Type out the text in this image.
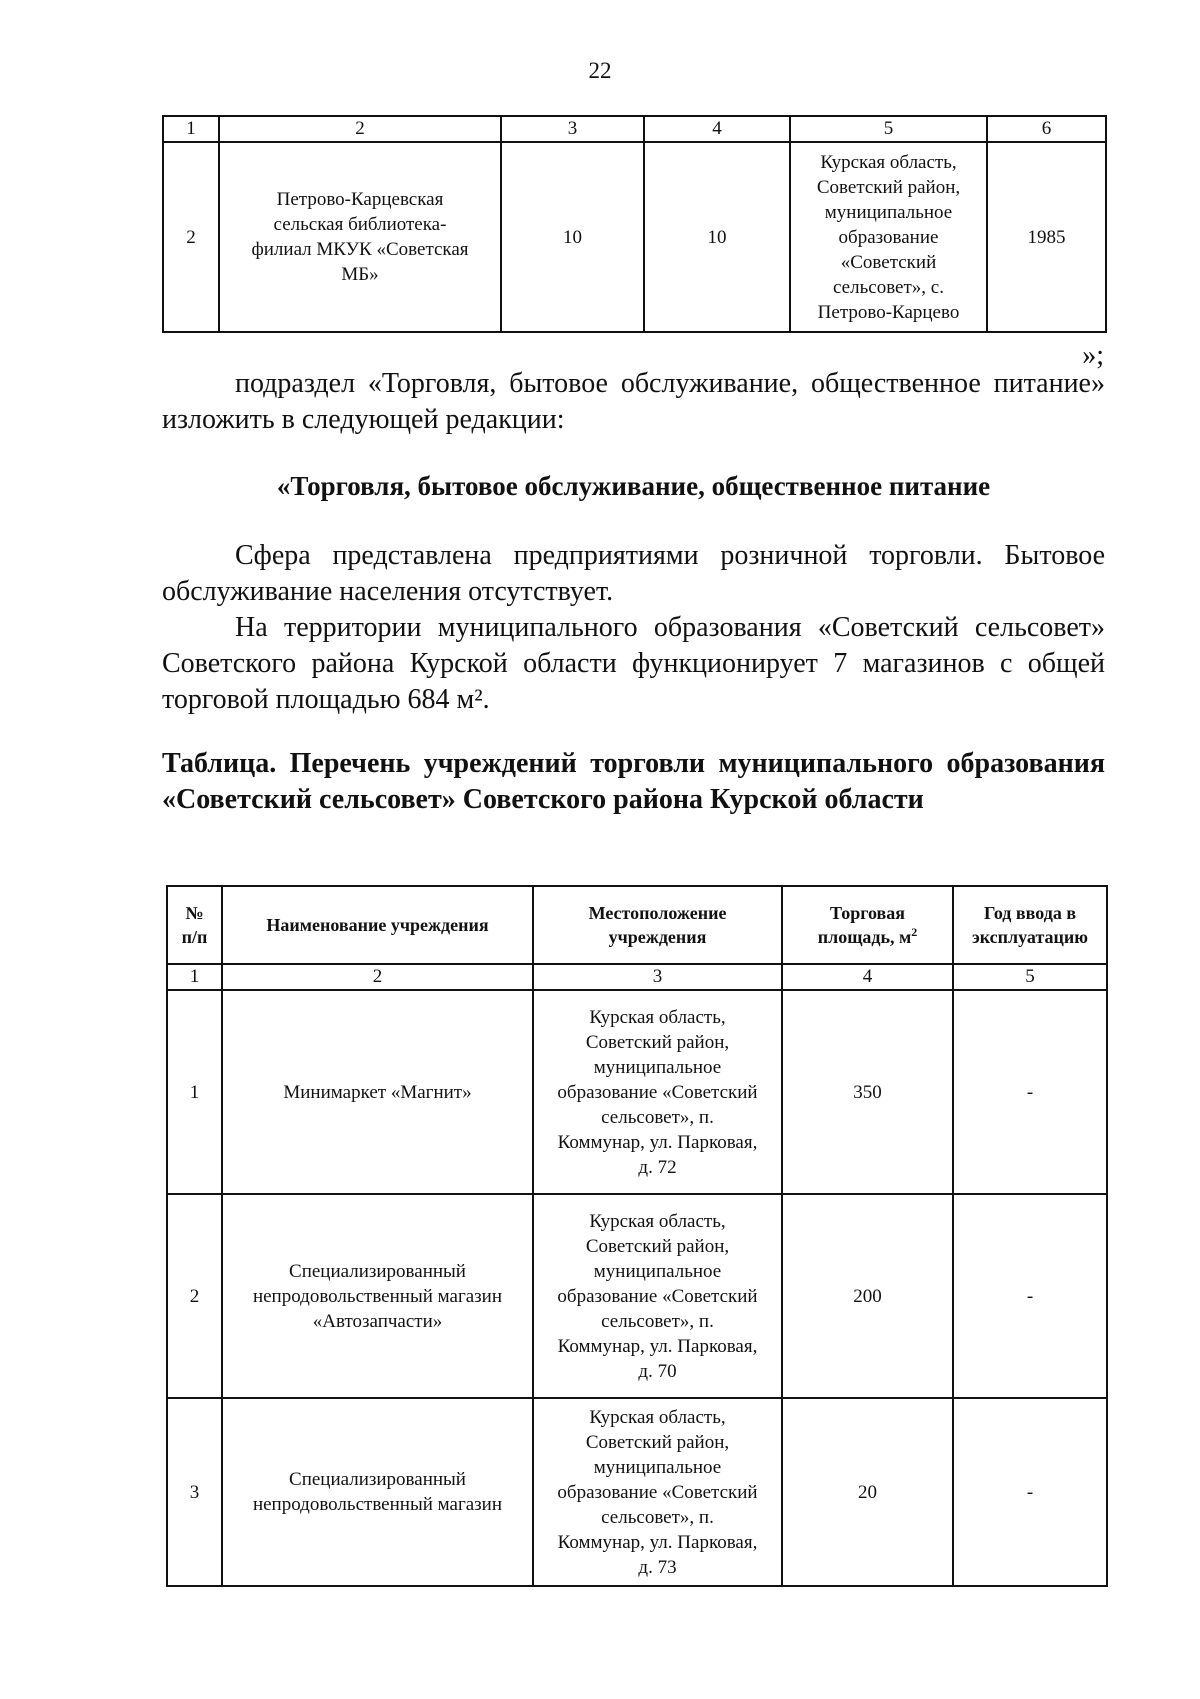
22
1	2	3	4	5	6
2	Петрово-Карцевская сельская библиотека-филиал МКУК «Советская МБ»	10	10	Курская область, Советский район, муниципальное образование «Советский сельсовет», с. Петрово-Карцево	1985
»;
подраздел «Торговля, бытовое обслуживание, общественное питание» изложить в следующей редакции:
«Торговля, бытовое обслуживание, общественное питание
Сфера представлена предприятиями розничной торговли. Бытовое обслуживание населения отсутствует.
На территории муниципального образования «Советский сельсовет» Советского района Курской области функционирует 7 магазинов с общей торговой площадью 684 м².
Таблица. Перечень учреждений торговли муниципального образования «Советский сельсовет» Советского района Курской области
№ п/п	Наименование учреждения	Местоположение учреждения	Торговая площадь, $м^2$	Год ввода в эксплуатацию
1	2	3	4	5
1	Минимаркет «Магнит»	Курская область, Советский район, муниципальное образование «Советский сельсовет», п. Коммунар, ул. Парковая, д. 72	350	-
2	Специализированный непродовольственный магазин «Автозапчасти»	Курская область, Советский район, муниципальное образование «Советский сельсовет», п. Коммунар, ул. Парковая, д. 70	200	-
3	Специализированный непродовольственный магазин	Курская область, Советский район, муниципальное образование «Советский сельсовет», п. Коммунар, ул. Парковая, д. 73	20	-
